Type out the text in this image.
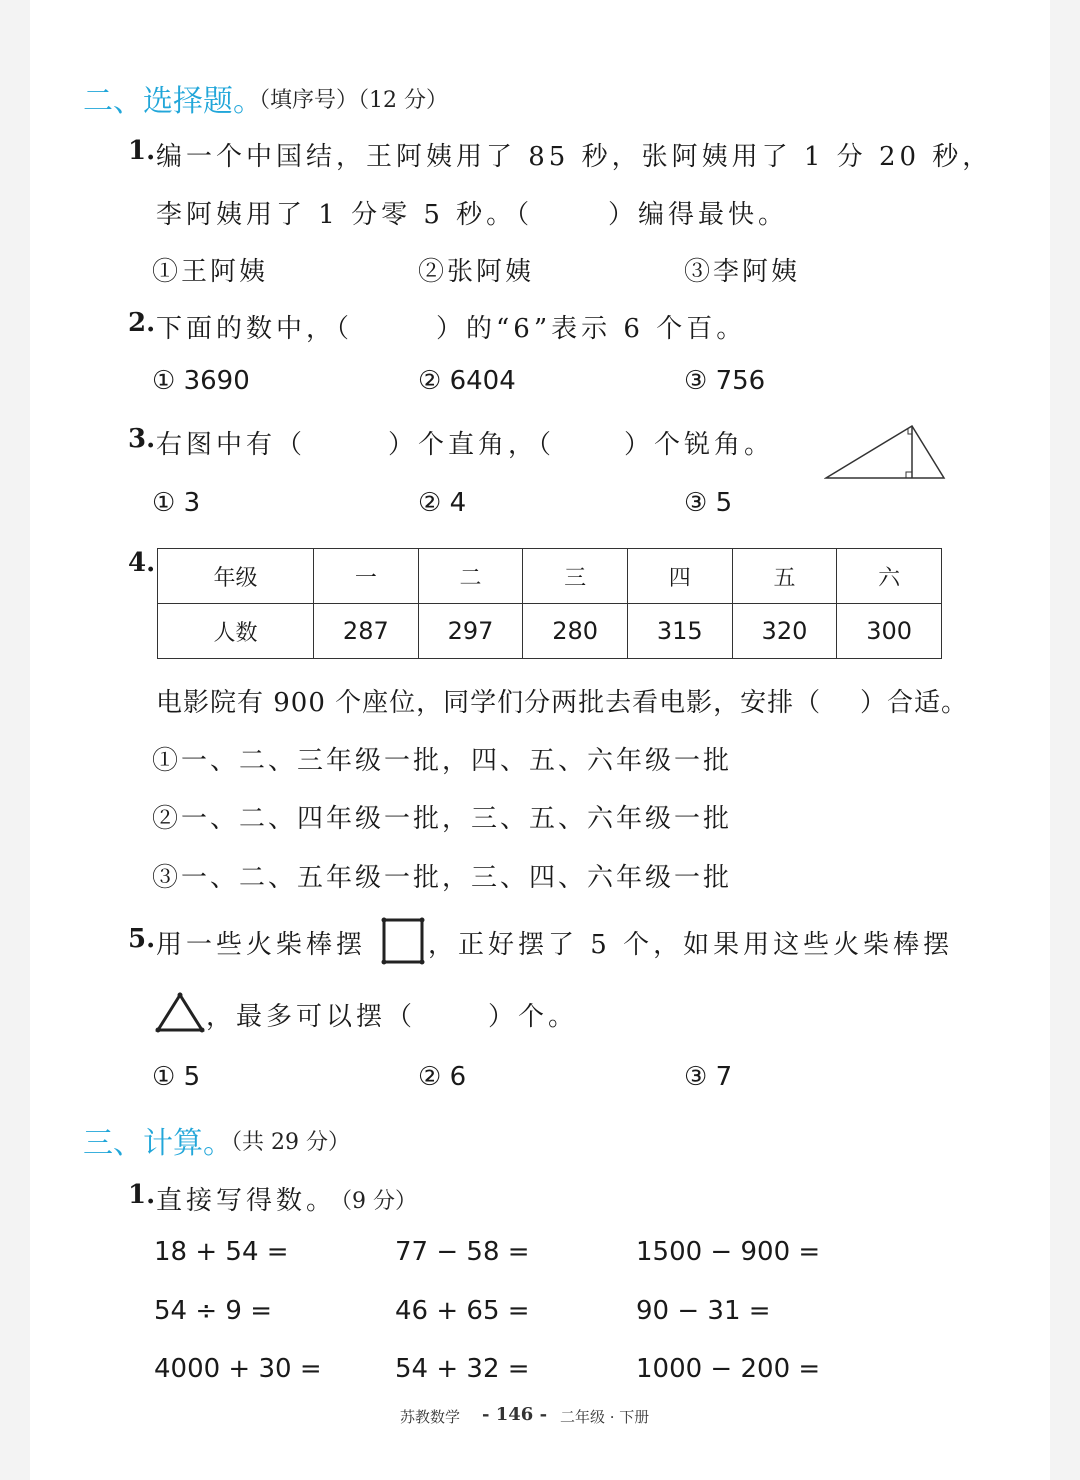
二、选择题。
（填序号）（12 分）
1. 编一个中国结，王阿姨用了 85 秒，张阿姨用了 1 分 20 秒，
李阿姨用了 1 分零 5 秒。（	）编得最快。
①王阿姨	②张阿姨	③李阿姨
2. 下面的数中，（	）的“6”表示 6 个百。
① 3690	② 6404	③ 756
3. 右图中有（	）个直角，（	）个锐角。
① 3	② 4	③ 5
4.	年级	一	二	三	四	五	六
人数	287	297	280	315	320	300
电影院有 900 个座位，同学们分两批去看电影，安排（ ）合适。
①一、二、三年级一批，四、五、六年级一批
②一、二、四年级一批，三、五、六年级一批
③一、二、五年级一批，三、四、六年级一批
5. 用一些火柴棒摆 ，正好摆了 5 个，如果用这些火柴棒摆
，最多可以摆（	）个。
① 5	② 6	③ 7
三、计算。
（共 29 分）
1. 直接写得数。
（9 分）
18 + 54 =	77 − 58 =	1500 − 900 =
54 ÷ 9 =	46 + 65 =	90 − 31 =
4000 + 30 =	54 + 32 =	1000 − 200 =
苏教数学 - 146 - 二年级 · 下册
